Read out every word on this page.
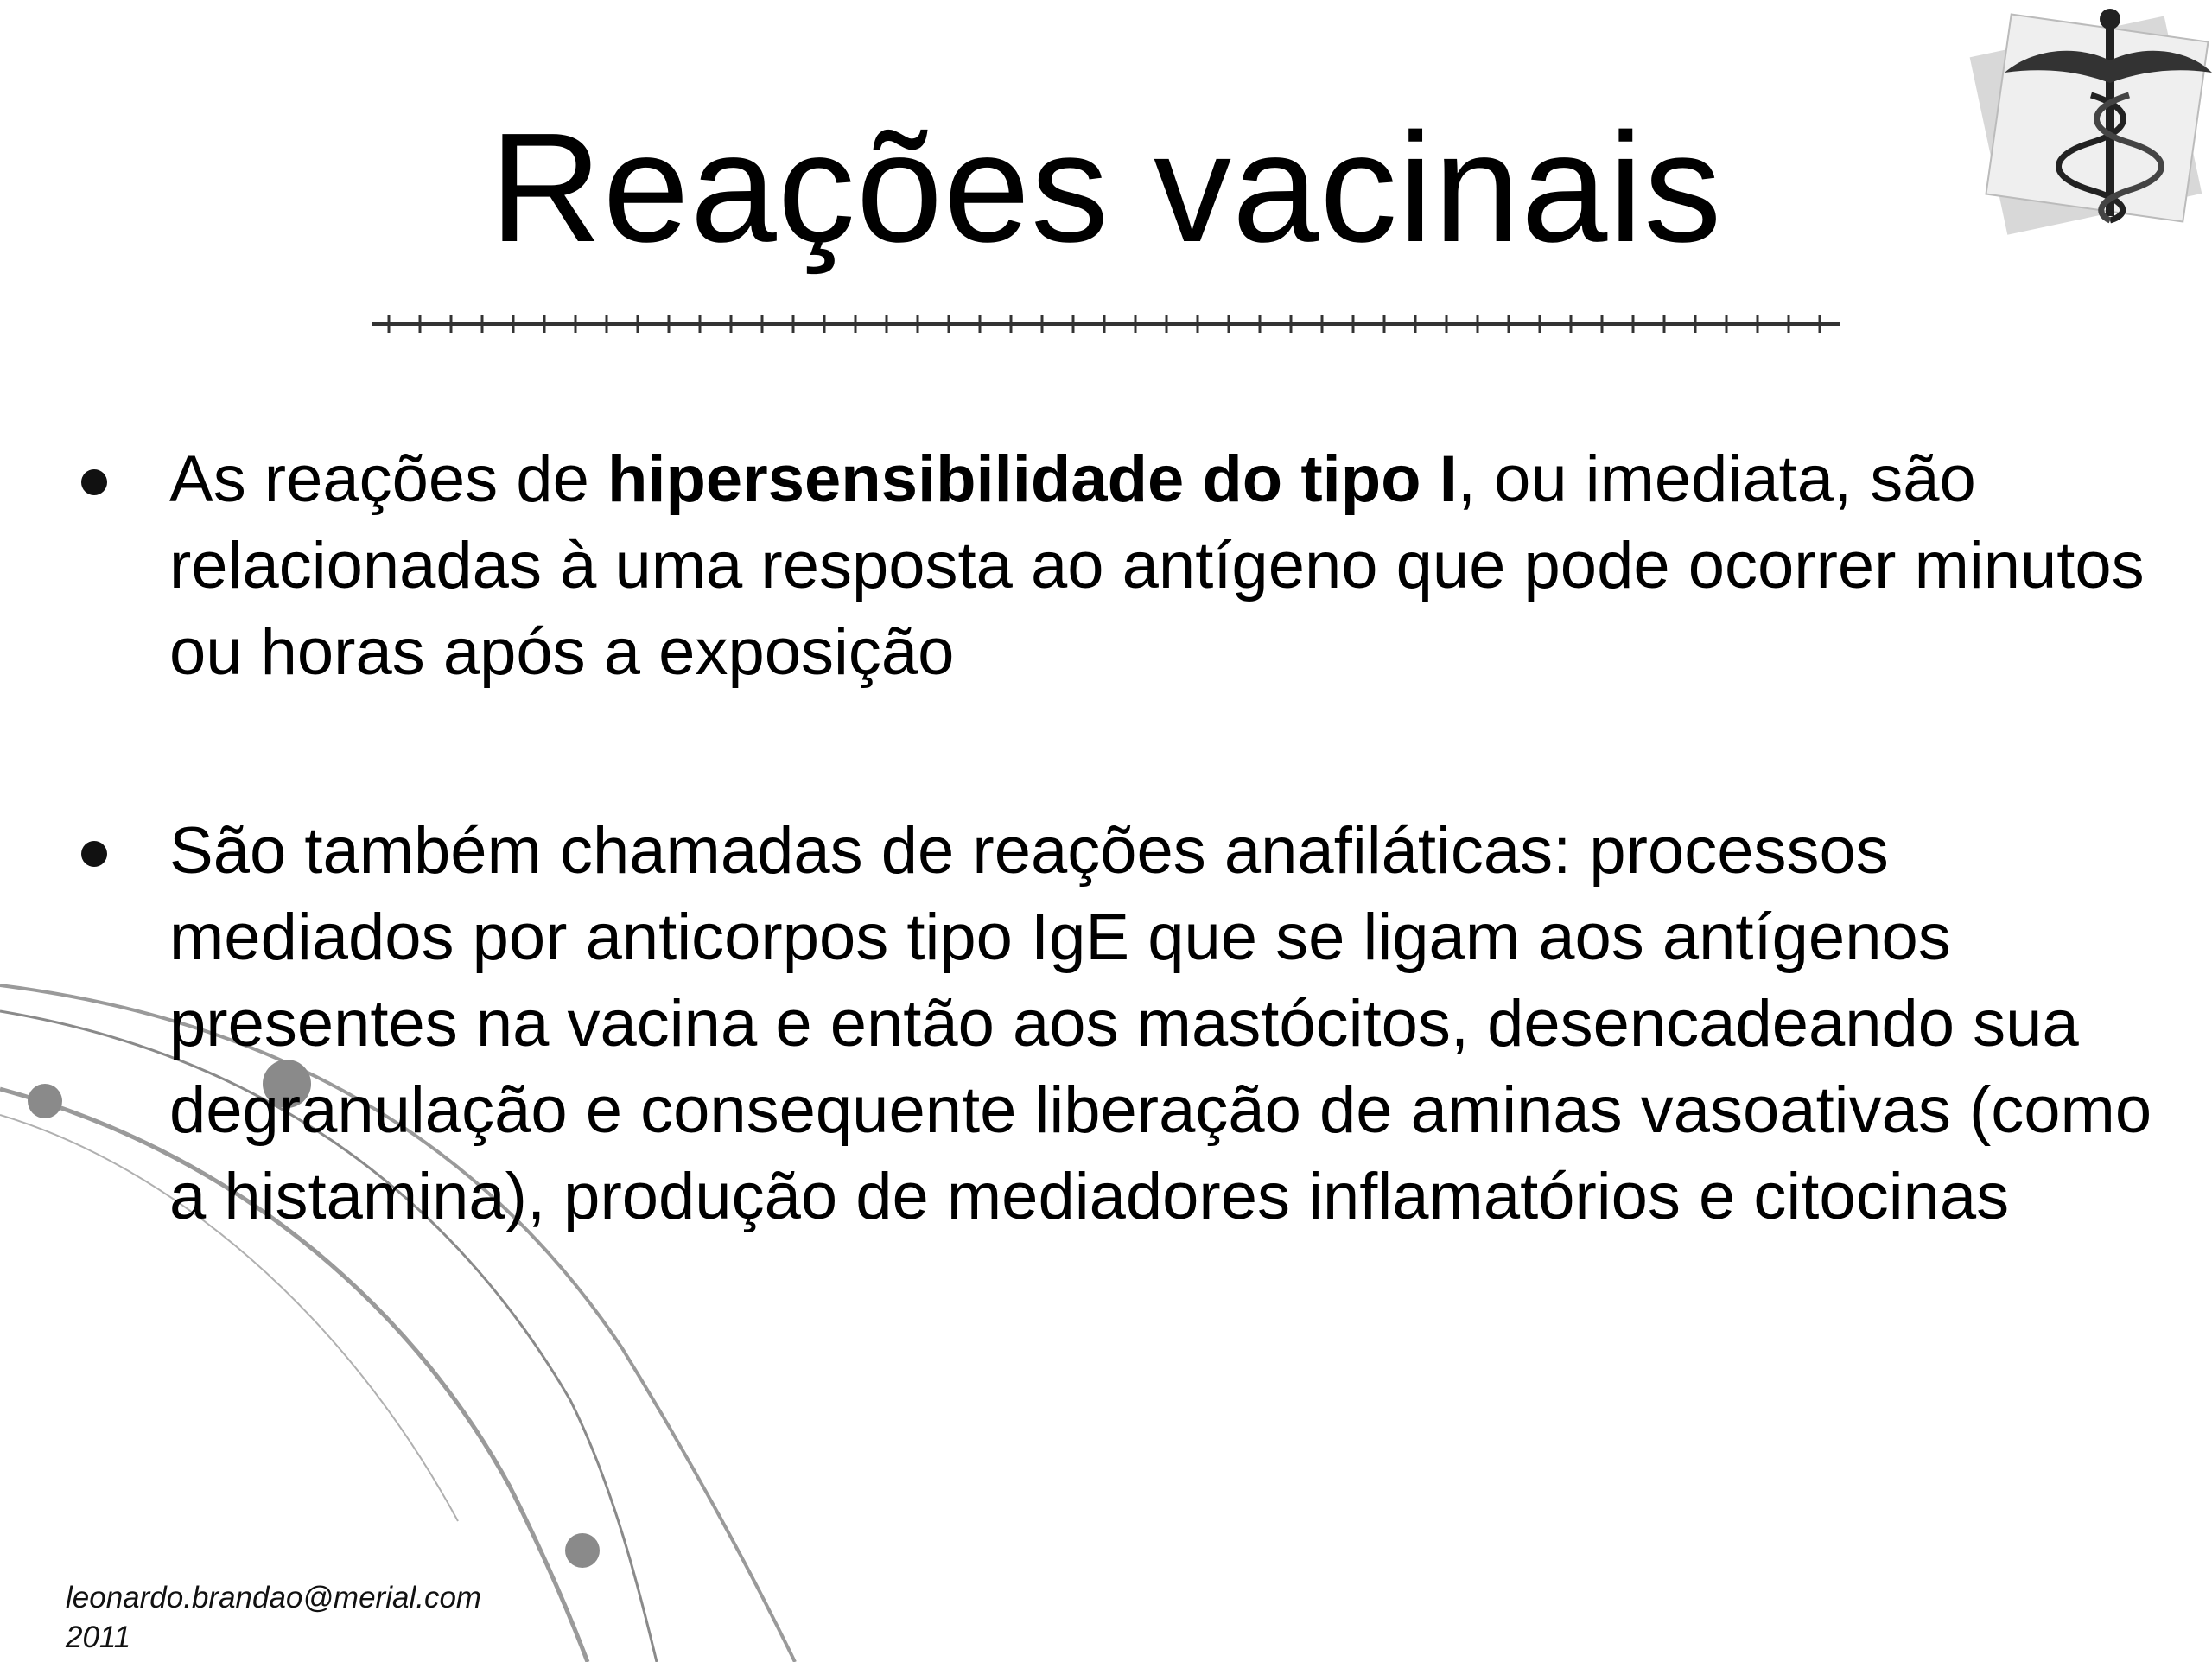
Reações vacinais
As reações de hipersensibilidade do tipo I, ou imediata, são relacionadas à uma resposta ao antígeno que pode ocorrer minutos ou horas após a exposição
São também chamadas de reações anafiláticas: processos mediados por anticorpos tipo IgE que se ligam aos antígenos presentes na vacina e então aos mastócitos, desencadeando sua degranulação e consequente liberação de aminas vasoativas (como a histamina), produção de mediadores inflamatórios e citocinas
leonardo.brandao@merial.com
2011
